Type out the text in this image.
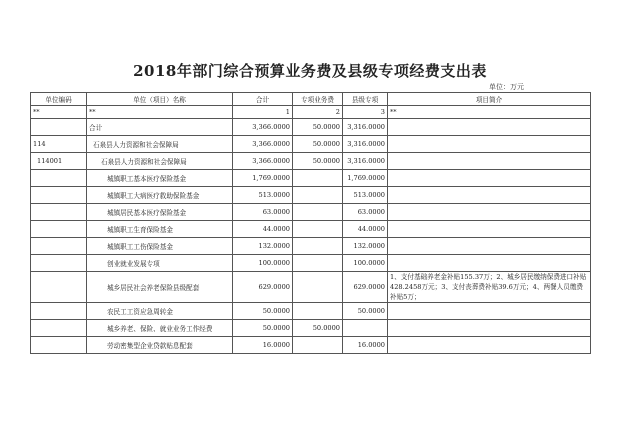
2018年部门综合预算业务费及县级专项经费支出表
单位：万元
单位编码	单位（项目）名称	合计	专项业务费	县级专项	项目简介
**	**	1	2	3	**
	合计	3,366.0000	50.0000	3,316.0000	
114	石泉县人力资源和社会保障局	3,366.0000	50.0000	3,316.0000	
114001	石泉县人力资源和社会保障局	3,366.0000	50.0000	3,316.0000	
	城镇职工基本医疗保险基金	1,769.0000		1,769.0000	
	城镇职工大病医疗救助保险基金	513.0000		513.0000	
	城镇居民基本医疗保险基金	63.0000		63.0000	
	城镇职工生育保险基金	44.0000		44.0000	
	城镇职工工伤保险基金	132.0000		132.0000	
	创业就业发展专项	100.0000		100.0000	
	城乡居民社会养老保险县级配套	629.0000		629.0000	1、支付基础养老金补贴155.37万；2、城乡居民缴纳保费进口补贴428.2458万元；3、支付丧葬费补贴39.6万元；4、两餐人员缴费补贴5万；
	农民工工资应急周转金	50.0000		50.0000	
	城乡养老、保险、就业业务工作经费	50.0000	50.0000		
	劳动密集型企业贷款贴息配套	16.0000		16.0000	
